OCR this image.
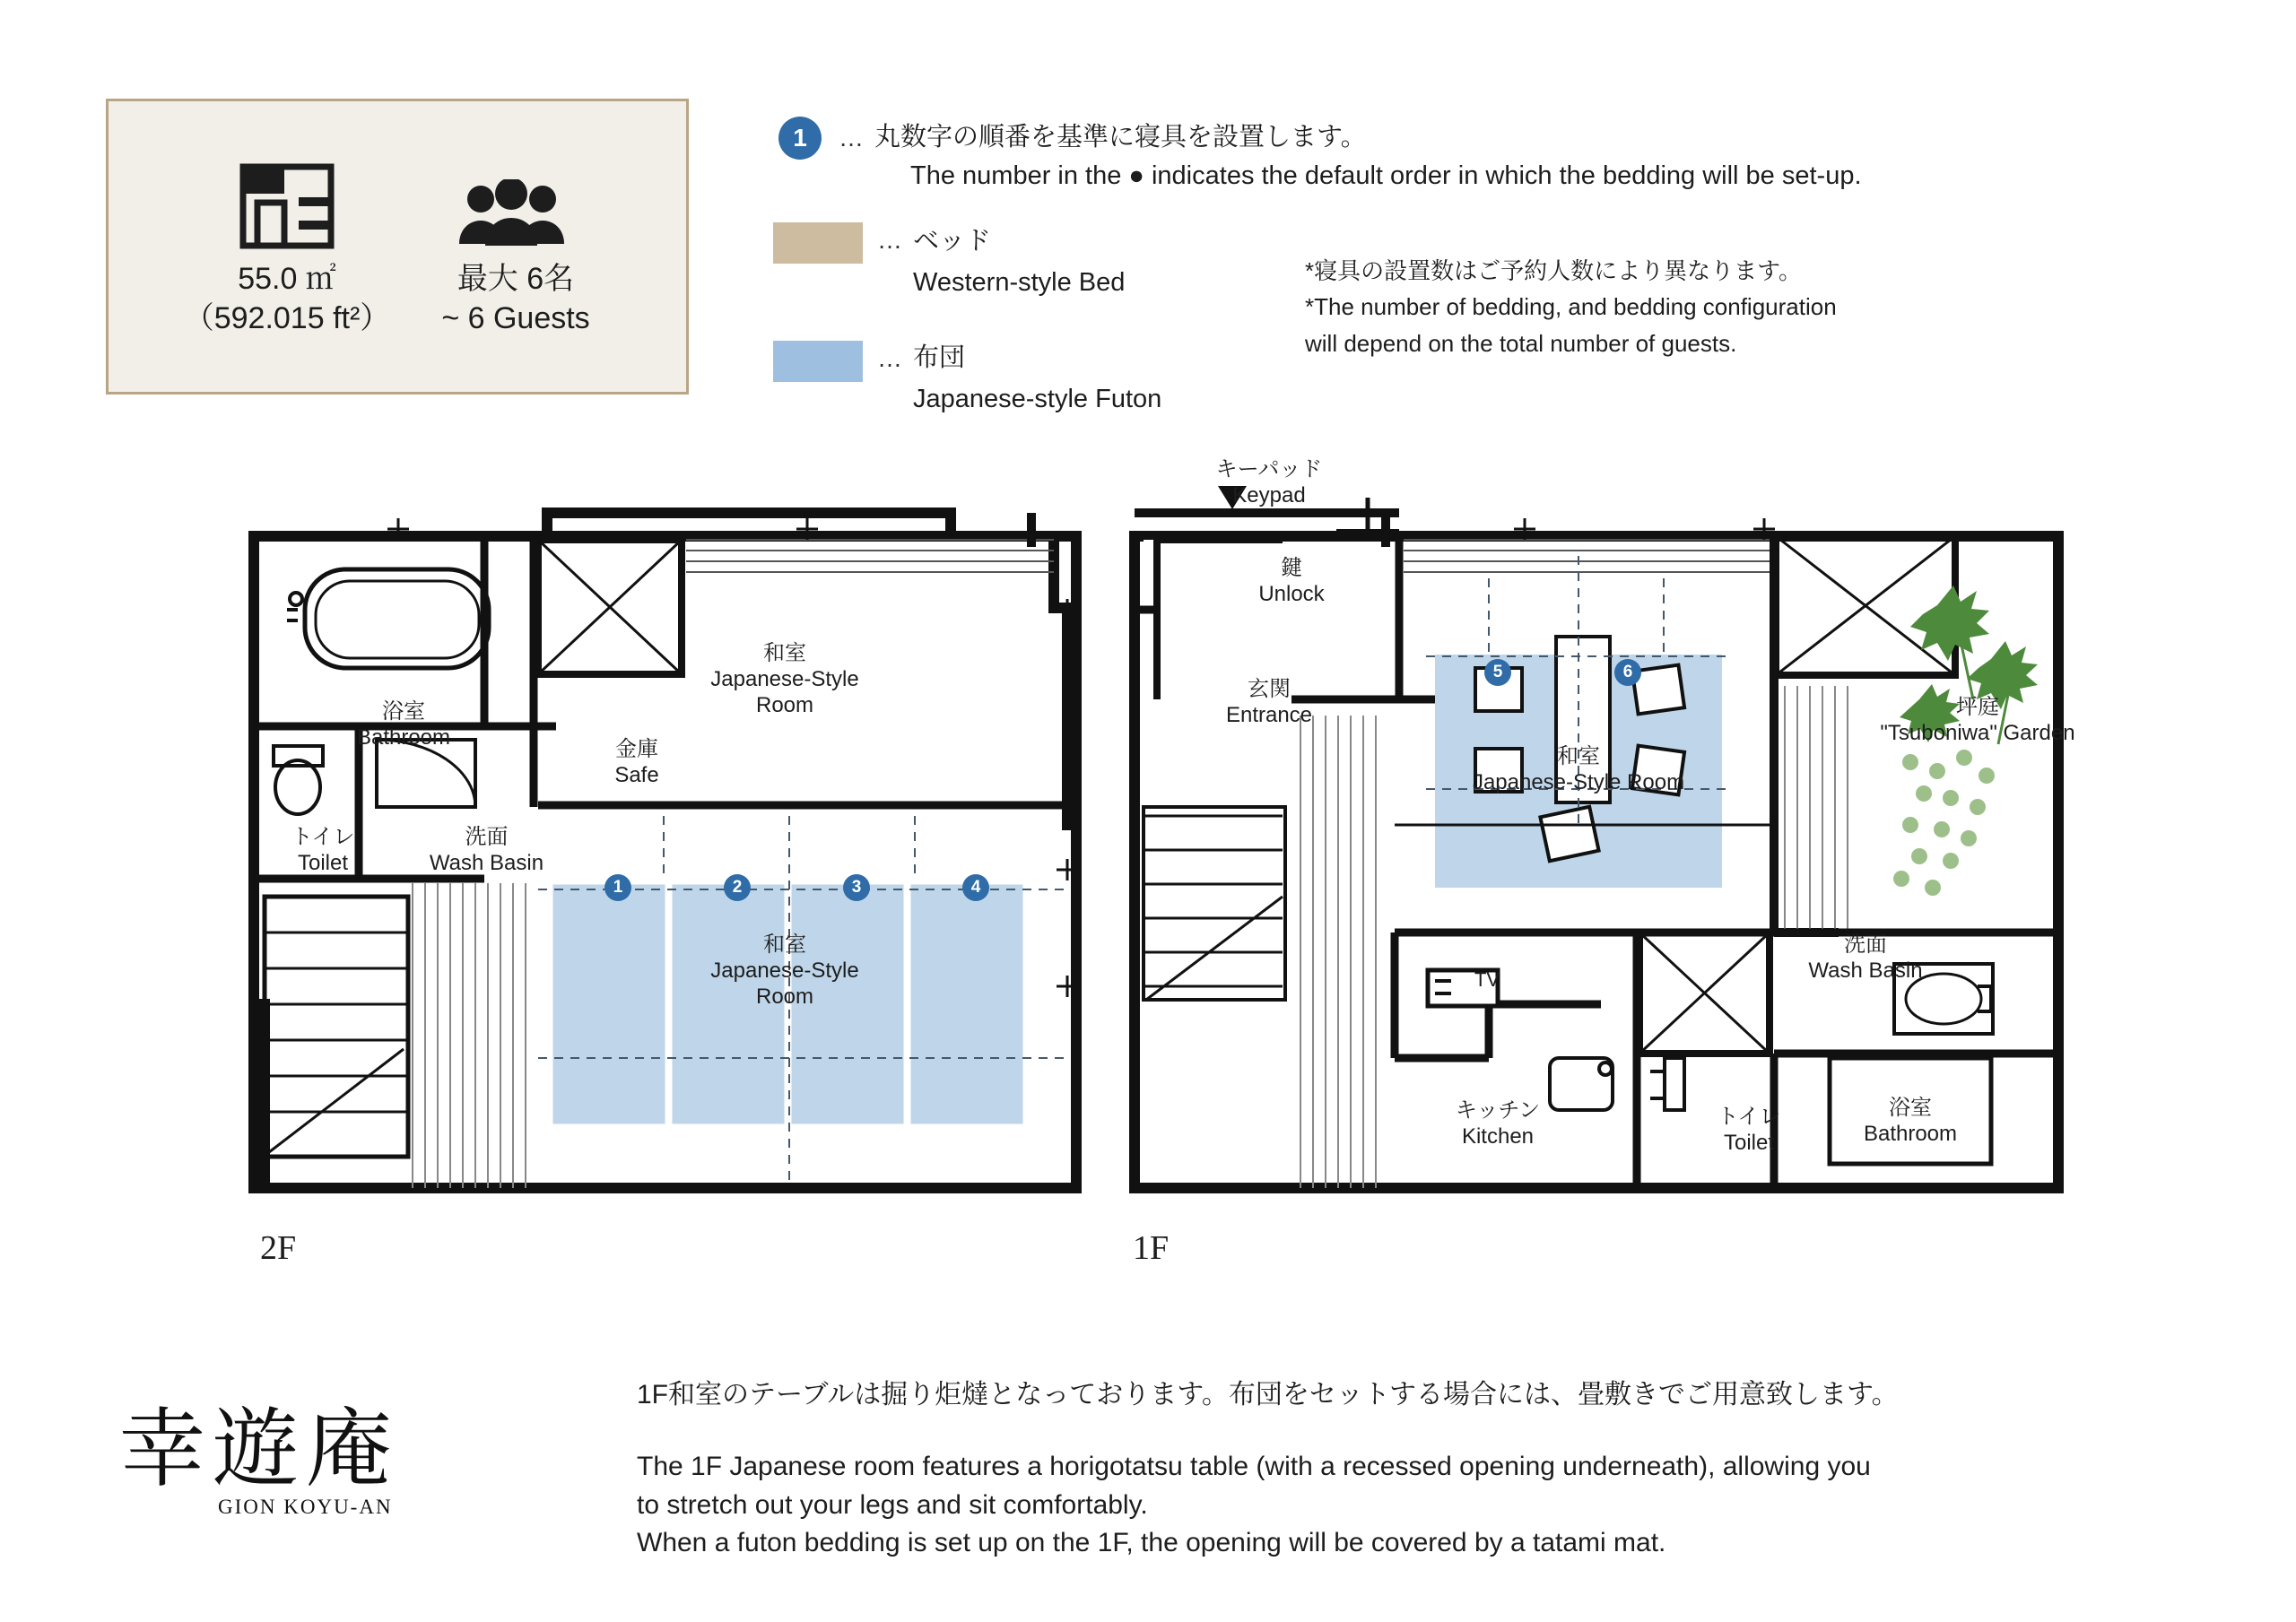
55.0 ㎡
（592.015 ft²）
最大 6名
~ 6 Guests
1	… 丸数字の順番を基準に寝具を設置します。
The number in the ● indicates the default order in which the bedding will be set-up.
… ベッド
Western-style Bed
… 布団
Japanese-style Futon
*寝具の設置数はご予約人数により異なります。
*The number of bedding, and bedding configuration
will depend on the total number of guests.
浴室
Bathroom
トイレ
Toilet
洗面
Wash Basin
金庫
Safe
和室
Japanese-Style Room
和室
Japanese-Style Room
1	2	3	4
キーパッド
Keypad
鍵
Unlock
玄関
Entrance
和室
Japanese-Style Room
坪庭
"Tsuboniwa" Garden
洗面
Wash Basin
トイレ
Toilet
浴室
Bathroom
キッチン
Kitchen
TV
5	6
2F	1F
幸遊庵
GION KOYU-AN
1F和室のテーブルは掘り炬燵となっております。布団をセットする場合には、畳敷きでご用意致します。
The 1F Japanese room features a horigotatsu table (with a recessed opening underneath), allowing you
to stretch out your legs and sit comfortably.
When a futon bedding is set up on the 1F, the opening will be covered by a tatami mat.
